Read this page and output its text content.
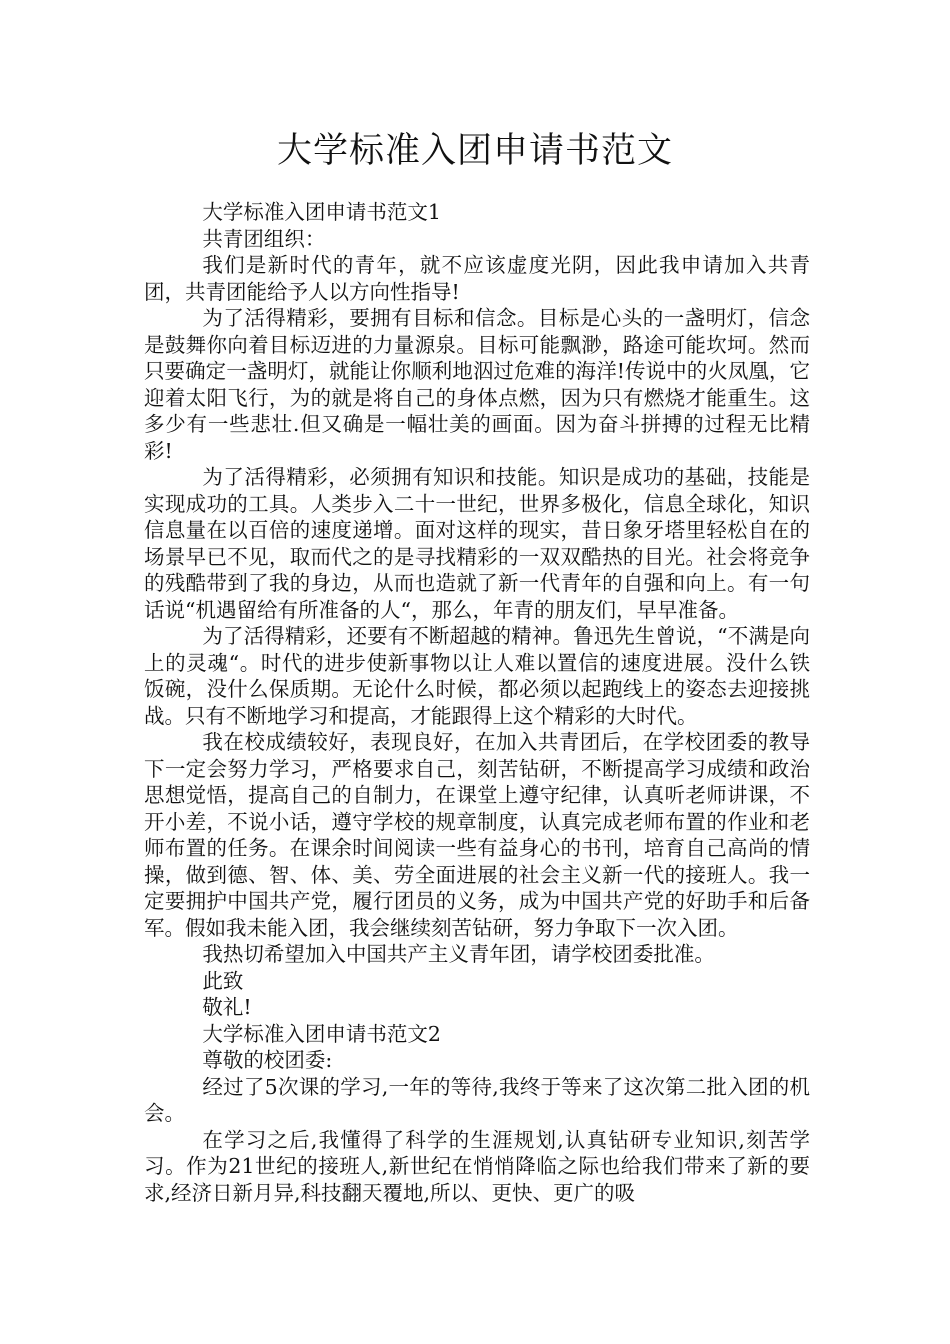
大学标准入团申请书范文

大学标准入团申请书范文1

共青团组织：

我们是新时代的青年，就不应该虚度光阴，因此我申请加入共青团，共青团能给予人以方向性指导!

为了活得精彩，要拥有目标和信念。目标是心头的一盏明灯，信念是鼓舞你向着目标迈进的力量源泉。目标可能飘渺，路途可能坎坷。然而只要确定一盏明灯，就能让你顺利地泅过危难的海洋!传说中的火凤凰，它迎着太阳飞行，为的就是将自己的身体点燃，因为只有燃烧才能重生。这多少有一些悲壮.但又确是一幅壮美的画面。因为奋斗拼搏的过程无比精彩!

为了活得精彩，必须拥有知识和技能。知识是成功的基础，技能是实现成功的工具。人类步入二十一世纪，世界多极化，信息全球化，知识信息量在以百倍的速度递增。面对这样的现实，昔日象牙塔里轻松自在的场景早已不见，取而代之的是寻找精彩的一双双酷热的目光。社会将竞争的残酷带到了我的身边，从而也造就了新一代青年的自强和向上。有一句话说“机遇留给有所准备的人“，那么，年青的朋友们，早早准备。

为了活得精彩，还要有不断超越的精神。鲁迅先生曾说，“不满是向上的灵魂“。时代的进步使新事物以让人难以置信的速度进展。没什么铁饭碗，没什么保质期。无论什么时候，都必须以起跑线上的姿态去迎接挑战。只有不断地学习和提高，才能跟得上这个精彩的大时代。

我在校成绩较好，表现良好，在加入共青团后，在学校团委的教导下一定会努力学习，严格要求自己，刻苦钻研，不断提高学习成绩和政治思想觉悟，提高自己的自制力，在课堂上遵守纪律，认真听老师讲课，不开小差，不说小话，遵守学校的规章制度，认真完成老师布置的作业和老师布置的任务。在课余时间阅读一些有益身心的书刊，培育自己高尚的情操，做到德、智、体、美、劳全面进展的社会主义新一代的接班人。我一定要拥护中国共产党，履行团员的义务，成为中国共产党的好助手和后备军。假如我未能入团，我会继续刻苦钻研，努力争取下一次入团。

我热切希望加入中国共产主义青年团，请学校团委批准。

此致

敬礼!

大学标准入团申请书范文2

尊敬的校团委:

经过了5次课的学习,一年的等待,我终于等来了这次第二批入团的机会。

在学习之后,我懂得了科学的生涯规划,认真钻研专业知识,刻苦学习。作为21世纪的接班人,新世纪在悄悄降临之际也给我们带来了新的要求,经济日新月异,科技翻天覆地,所以、更快、更广的吸
